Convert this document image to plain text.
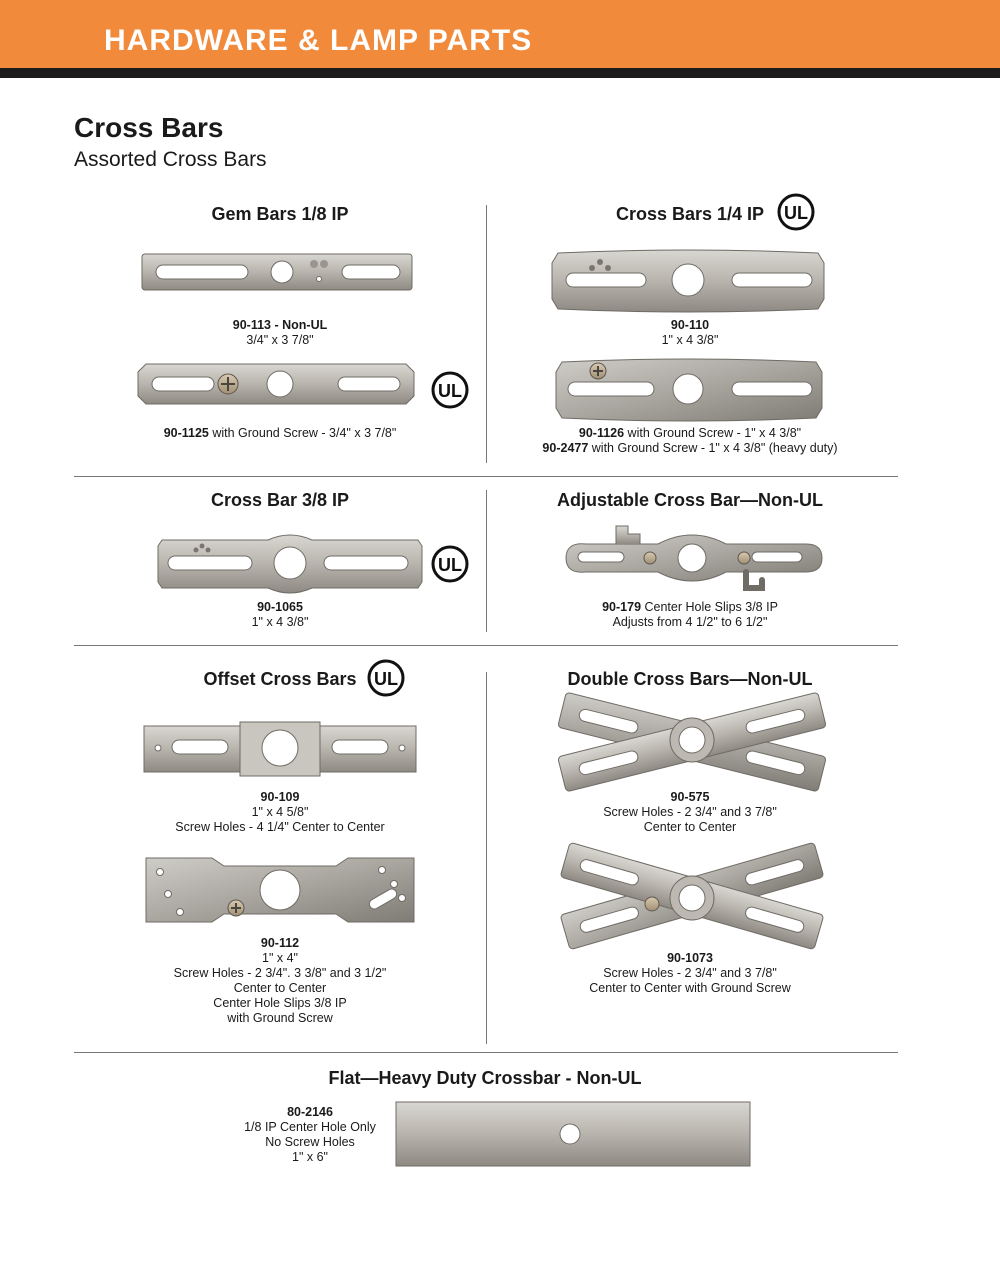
HARDWARE & LAMP PARTS
Cross Bars
Assorted Cross Bars
Gem Bars 1/8 IP
90-113 - Non-UL
3/4" x 3 7/8"
UL
90-1125 with Ground Screw - 3/4" x 3 7/8"
Cross Bars 1/4 IP	UL
90-110
1" x 4 3/8"
90-1126 with Ground Screw - 1" x 4 3/8"
90-2477 with Ground Screw - 1" x 4 3/8" (heavy duty)
Cross Bar 3/8 IP
UL
90-1065
1" x 4 3/8"
Adjustable Cross Bar—Non-UL
90-179 Center Hole Slips 3/8 IP
Adjusts from 4 1/2" to 6 1/2"
Offset Cross Bars UL
90-109
1" x 4 5/8"
Screw Holes - 4 1/4" Center to Center
90-112
1" x 4"
Screw Holes - 2 3/4". 3 3/8" and 3 1/2"
Center to Center
Center Hole Slips 3/8 IP
with Ground Screw
Double Cross Bars—Non-UL
90-575
Screw Holes - 2 3/4" and 3 7/8"
Center to Center
90-1073
Screw Holes - 2 3/4" and 3 7/8"
Center to Center with Ground Screw
Flat—Heavy Duty Crossbar - Non-UL
80-2146
1/8 IP Center Hole Only
No Screw Holes
1" x 6"
